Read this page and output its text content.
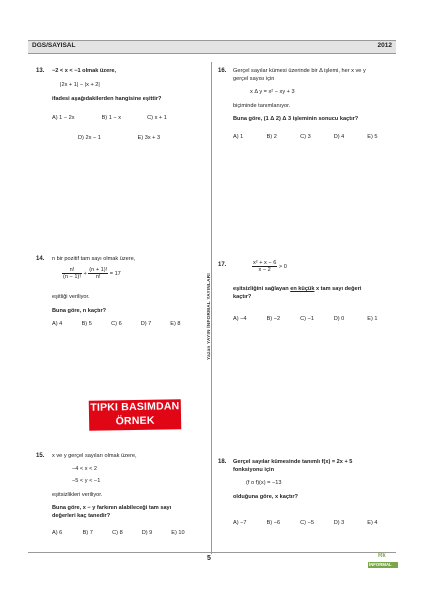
DGS/SAYISAL	2012
Yazan YAYIN İNFORMAL YAYINLARI
13. −2 < x < −1 olmak üzere,
|2x + 1| − |x + 2|
ifadesi aşağıdakilerden hangisine eşittir?
A) 1 − 2x	B) 1 − x	C) x + 1
D) 2x − 1	E) 3x + 3
14. n bir pozitif tam sayı olmak üzere,
$\frac{n!}{(n - 1)!} + \frac{(n + 1)!}{n!} = 17$
eşitliği veriliyor.
Buna göre, n kaçtır?
A) 4	B) 5	C) 6	D) 7	E) 8
TIPKI BASIMDAN
ÖRNEK SAYFADIR
15. x ve y gerçel sayıları olmak üzere,
−4 < x < 2
−5 < y < −1
eşitsizlikleri veriliyor.
Buna göre, x − y farkının alabileceği tam sayı
değerleri kaç tanedir?
A) 6	B) 7	C) 8	D) 9	E) 10
16. Gerçel sayılar kümesi üzerinde bir Δ işlemi, her x ve y
gerçel sayısı için
x Δ y = x² − xy + 3
biçiminde tanımlanıyor.
Buna göre, (1 Δ 2) Δ 3 işleminin sonucu kaçtır?
A) 1	B) 2	C) 3	D) 4	E) 5
17.	$\frac{\text{x² + x − 6}}{x - 2} > 0$
eşitsizliğini sağlayan en küçük x tam sayı değeri
kaçtır?
A) −4	B) −2	C) −1	D) 0	E) 1
18. Gerçel sayılar kümesinde tanımlı f(x) = 2x + 5
fonksiyonu için
(f o f)(x) = −13
olduğuna göre, x kaçtır?
A) −7	B) −6	C) −5	D) 3	E) 4
5	Rk
İNFORMAL
